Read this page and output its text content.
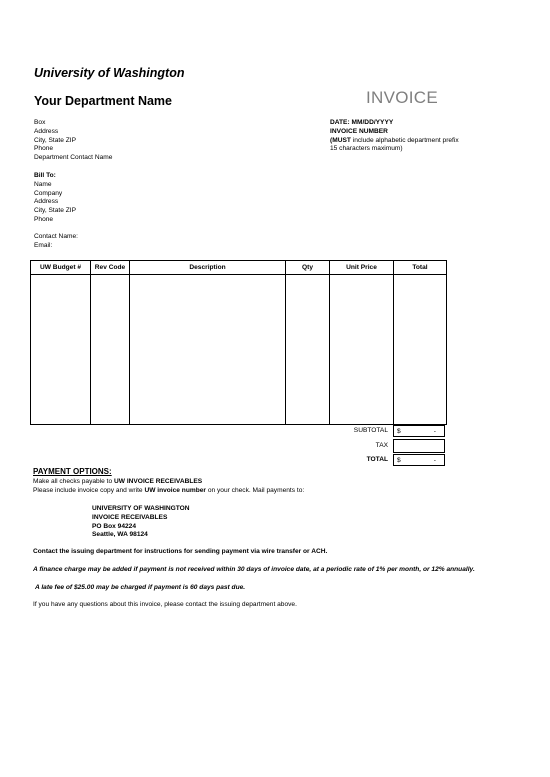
University of Washington
Your Department Name	INVOICE
Box
Address
City, State ZIP
Phone
Department Contact Name
DATE: MM/DD/YYYY
INVOICE NUMBER
(MUST include alphabetic department prefix
15 characters maximum)
Bill To:
Name
Company
Address
City, State ZIP
Phone
Contact Name:
Email:
UW Budget #	Rev Code	Description	Qty	Unit Price	Total

SUBTOTAL $	-
TAX
TOTAL $	-
PAYMENT OPTIONS:
Make all checks payable to UW INVOICE RECEIVABLES
Please include invoice copy and write UW invoice number on your check. Mail payments to:
UNIVERSITY OF WASHINGTON
INVOICE RECEIVABLES
PO Box 94224
Seattle, WA 98124
Contact the issuing department for instructions for sending payment via wire transfer or ACH.
A finance charge may be added if payment is not received within 30 days of invoice date, at a periodic rate of 1% per month, or 12% annually.
A late fee of $25.00 may be charged if payment is 60 days past due.
If you have any questions about this invoice, please contact the issuing department above.
